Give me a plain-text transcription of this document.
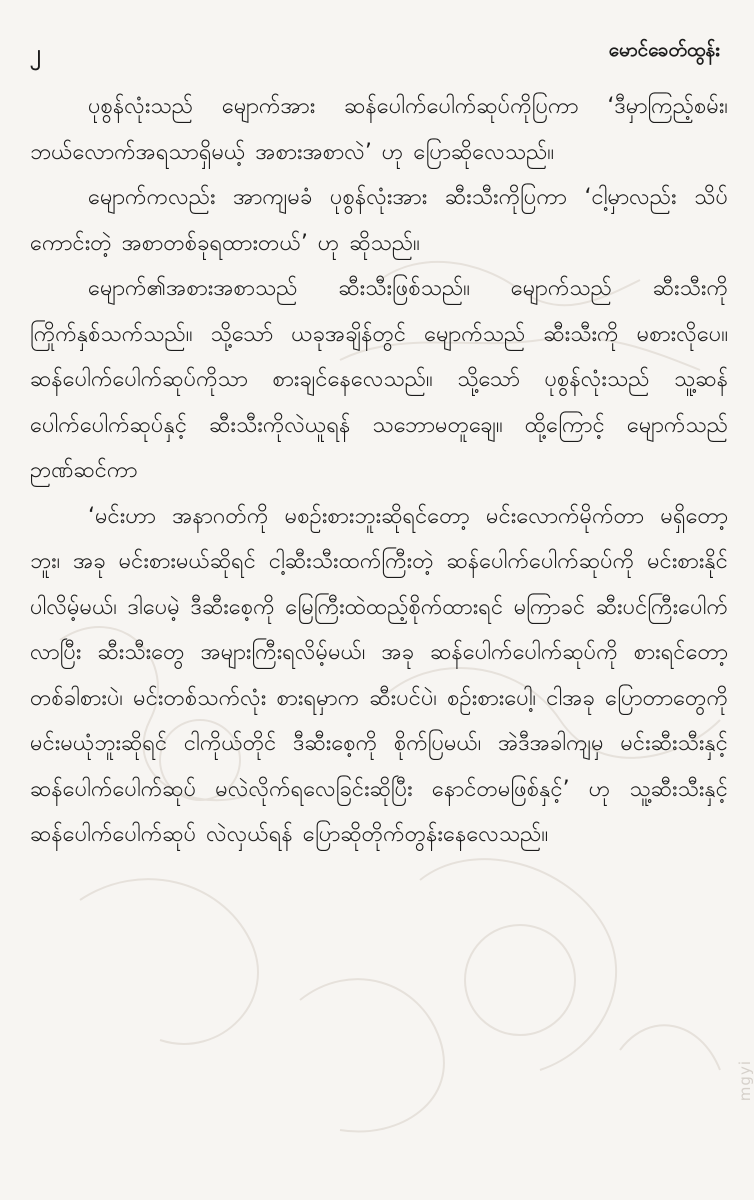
၂	မောင်ခေတ်ထွန်း

ပုစွန်လုံးသည် မျောက်အား ဆန်ပေါက်ပေါက်ဆုပ်ကိုပြကာ ‘ဒီမှာကြည့်စမ်း၊ ဘယ်လောက်အရသာရှိမယ့် အစားအစာလဲ’ ဟု ပြောဆိုလေသည်။

မျောက်ကလည်း အာကျမခံ ပုစွန်လုံးအား ဆီးသီးကိုပြကာ ‘ငါ့မှာလည်း သိပ်ကောင်းတဲ့ အစာတစ်ခုရထားတယ်’ ဟု ဆိုသည်။

မျောက်၏အစားအစာသည် ဆီးသီးဖြစ်သည်။ မျောက်သည် ဆီးသီးကို ကြိုက်နှစ်သက်သည်။ သို့သော် ယခုအချိန်တွင် မျောက်သည် ဆီးသီးကို မစားလိုပေ။ ဆန်ပေါက်ပေါက်ဆုပ်ကိုသာ စားချင်နေလေသည်။ သို့သော် ပုစွန်လုံးသည် သူ့ဆန်ပေါက်ပေါက်ဆုပ်နှင့် ဆီးသီးကိုလဲယူရန် သဘောမတူချေ။ ထို့ကြောင့် မျောက်သည် ဉာဏ်ဆင်ကာ

‘မင်းဟာ အနာဂတ်ကို မစဉ်းစားဘူးဆိုရင်တော့ မင်းလောက်မိုက်တာ မရှိတော့ဘူး၊ အခု မင်းစားမယ်ဆိုရင် ငါ့ဆီးသီးထက်ကြီးတဲ့ ဆန်ပေါက်ပေါက်ဆုပ်ကို မင်းစားနိုင်ပါလိမ့်မယ်၊ ဒါပေမဲ့ ဒီဆီးစေ့ကို မြေကြီးထဲထည့်စိုက်ထားရင် မကြာခင် ဆီးပင်ကြီးပေါက်လာပြီး ဆီးသီးတွေ အများကြီးရလိမ့်မယ်၊ အခု ဆန်ပေါက်ပေါက်ဆုပ်ကို စားရင်တော့ တစ်ခါစားပဲ၊ မင်းတစ်သက်လုံး စားရမှာက ဆီးပင်ပဲ၊ စဉ်းစားပေါ့၊ ငါအခု ပြောတာတွေကို မင်းမယုံဘူးဆိုရင် ငါကိုယ်တိုင် ဒီဆီးစေ့ကို စိုက်ပြမယ်၊ အဲဒီအခါကျမှ မင်းဆီးသီးနှင့် ဆန်ပေါက်ပေါက်ဆုပ် မလဲလိုက်ရလေခြင်းဆိုပြီး နောင်တမဖြစ်နှင့်’ ဟု သူ့ဆီးသီးနှင့် ဆန်ပေါက်ပေါက်ဆုပ် လဲလှယ်ရန် ပြောဆိုတိုက်တွန်းနေလေသည်။

mgyi
